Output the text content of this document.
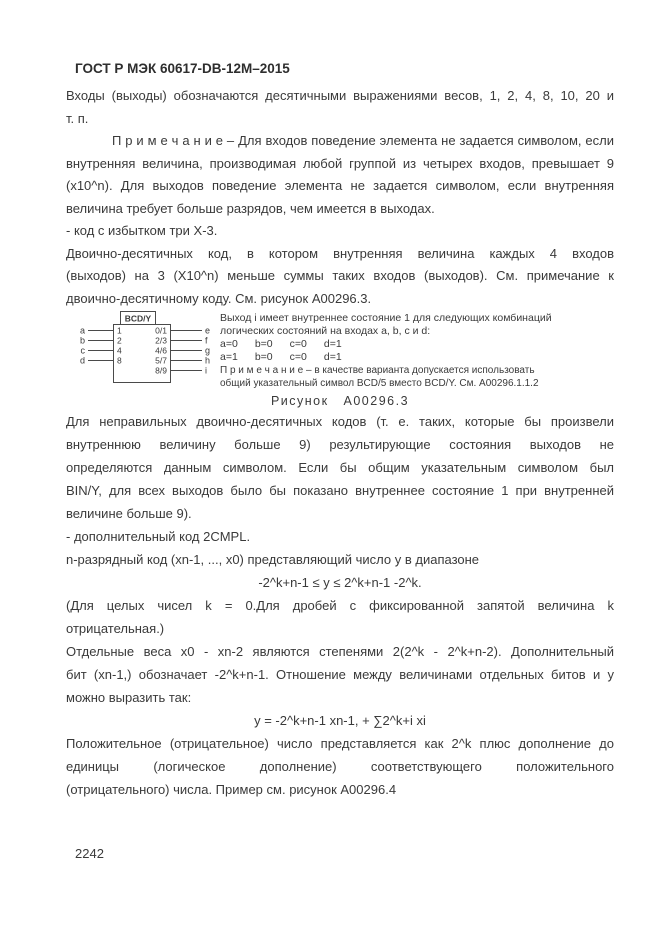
ГОСТ Р МЭК 60617-DB-12M–2015
Входы (выходы) обозначаются десятичными выражениями весов, 1, 2, 4, 8, 10, 20 и
т. п.
П р и м е ч а н и е – Для входов поведение элемента не задается символом, если
внутренняя величина, производимая любой группой из четырех входов, превышает 9
(x10^n). Для выходов поведение элемента не задается символом, если внутренняя
величина требует больше разрядов, чем имеется в выходах.
- код с избытком три Х-3.
Двоично-десятичных код, в котором внутренняя величина каждых 4 входов
(выходов) на 3 (X10^n) меньше суммы таких входов (выходов). См. примечание к
двоично-десятичному коду. См. рисунок А00296.3.
BCD/Y
a
b
c
d
1
2
4
8
0/1
2/3
4/6
5/7
8/9
e
f
g
h
i
Выход i имеет внутреннее состояние 1 для следующих комбинаций
логических состояний на входах a, b, c и d:
a=0 b=0 c=0 d=1
a=1 b=0 c=0 d=1
П р и м е ч а н и е – в качестве варианта допускается использовать
общий указательный символ BCD/5 вместо BCD/Y. См. А00296.1.1.2
Рисунок   А00296.3
Для неправильных двоично-десятичных кодов (т. е. таких, которые бы произвели
внутреннюю величину больше 9) результирующие состояния выходов не
определяются данным символом. Если бы общим указательным символом был
BIN/Y, для всех выходов было бы показано внутреннее состояние 1 при внутренней
величине больше 9).
- дополнительный код 2CMPL.
n-разрядный код (xn-1, ..., x0) представляющий число y в диапазоне
-2^k+n-1 ≤ y ≤ 2^k+n-1 -2^k.
(Для целых чисел k = 0.Для дробей с фиксированной запятой величина k
отрицательная.)
Отдельные веса x0 - xn-2 являются степенями 2(2^k - 2^k+n-2). Дополнительный
бит (xn-1,) обозначает -2^k+n-1. Отношение между величинами отдельных битов и y
можно выразить так:
y = -2^k+n-1 xn-1, + ∑2^k+i xi
Положительное (отрицательное) число представляется как 2^k плюс дополнение до
единицы (логическое дополнение) соответствующего положительного
(отрицательного) числа. Пример см. рисунок А00296.4
2242
